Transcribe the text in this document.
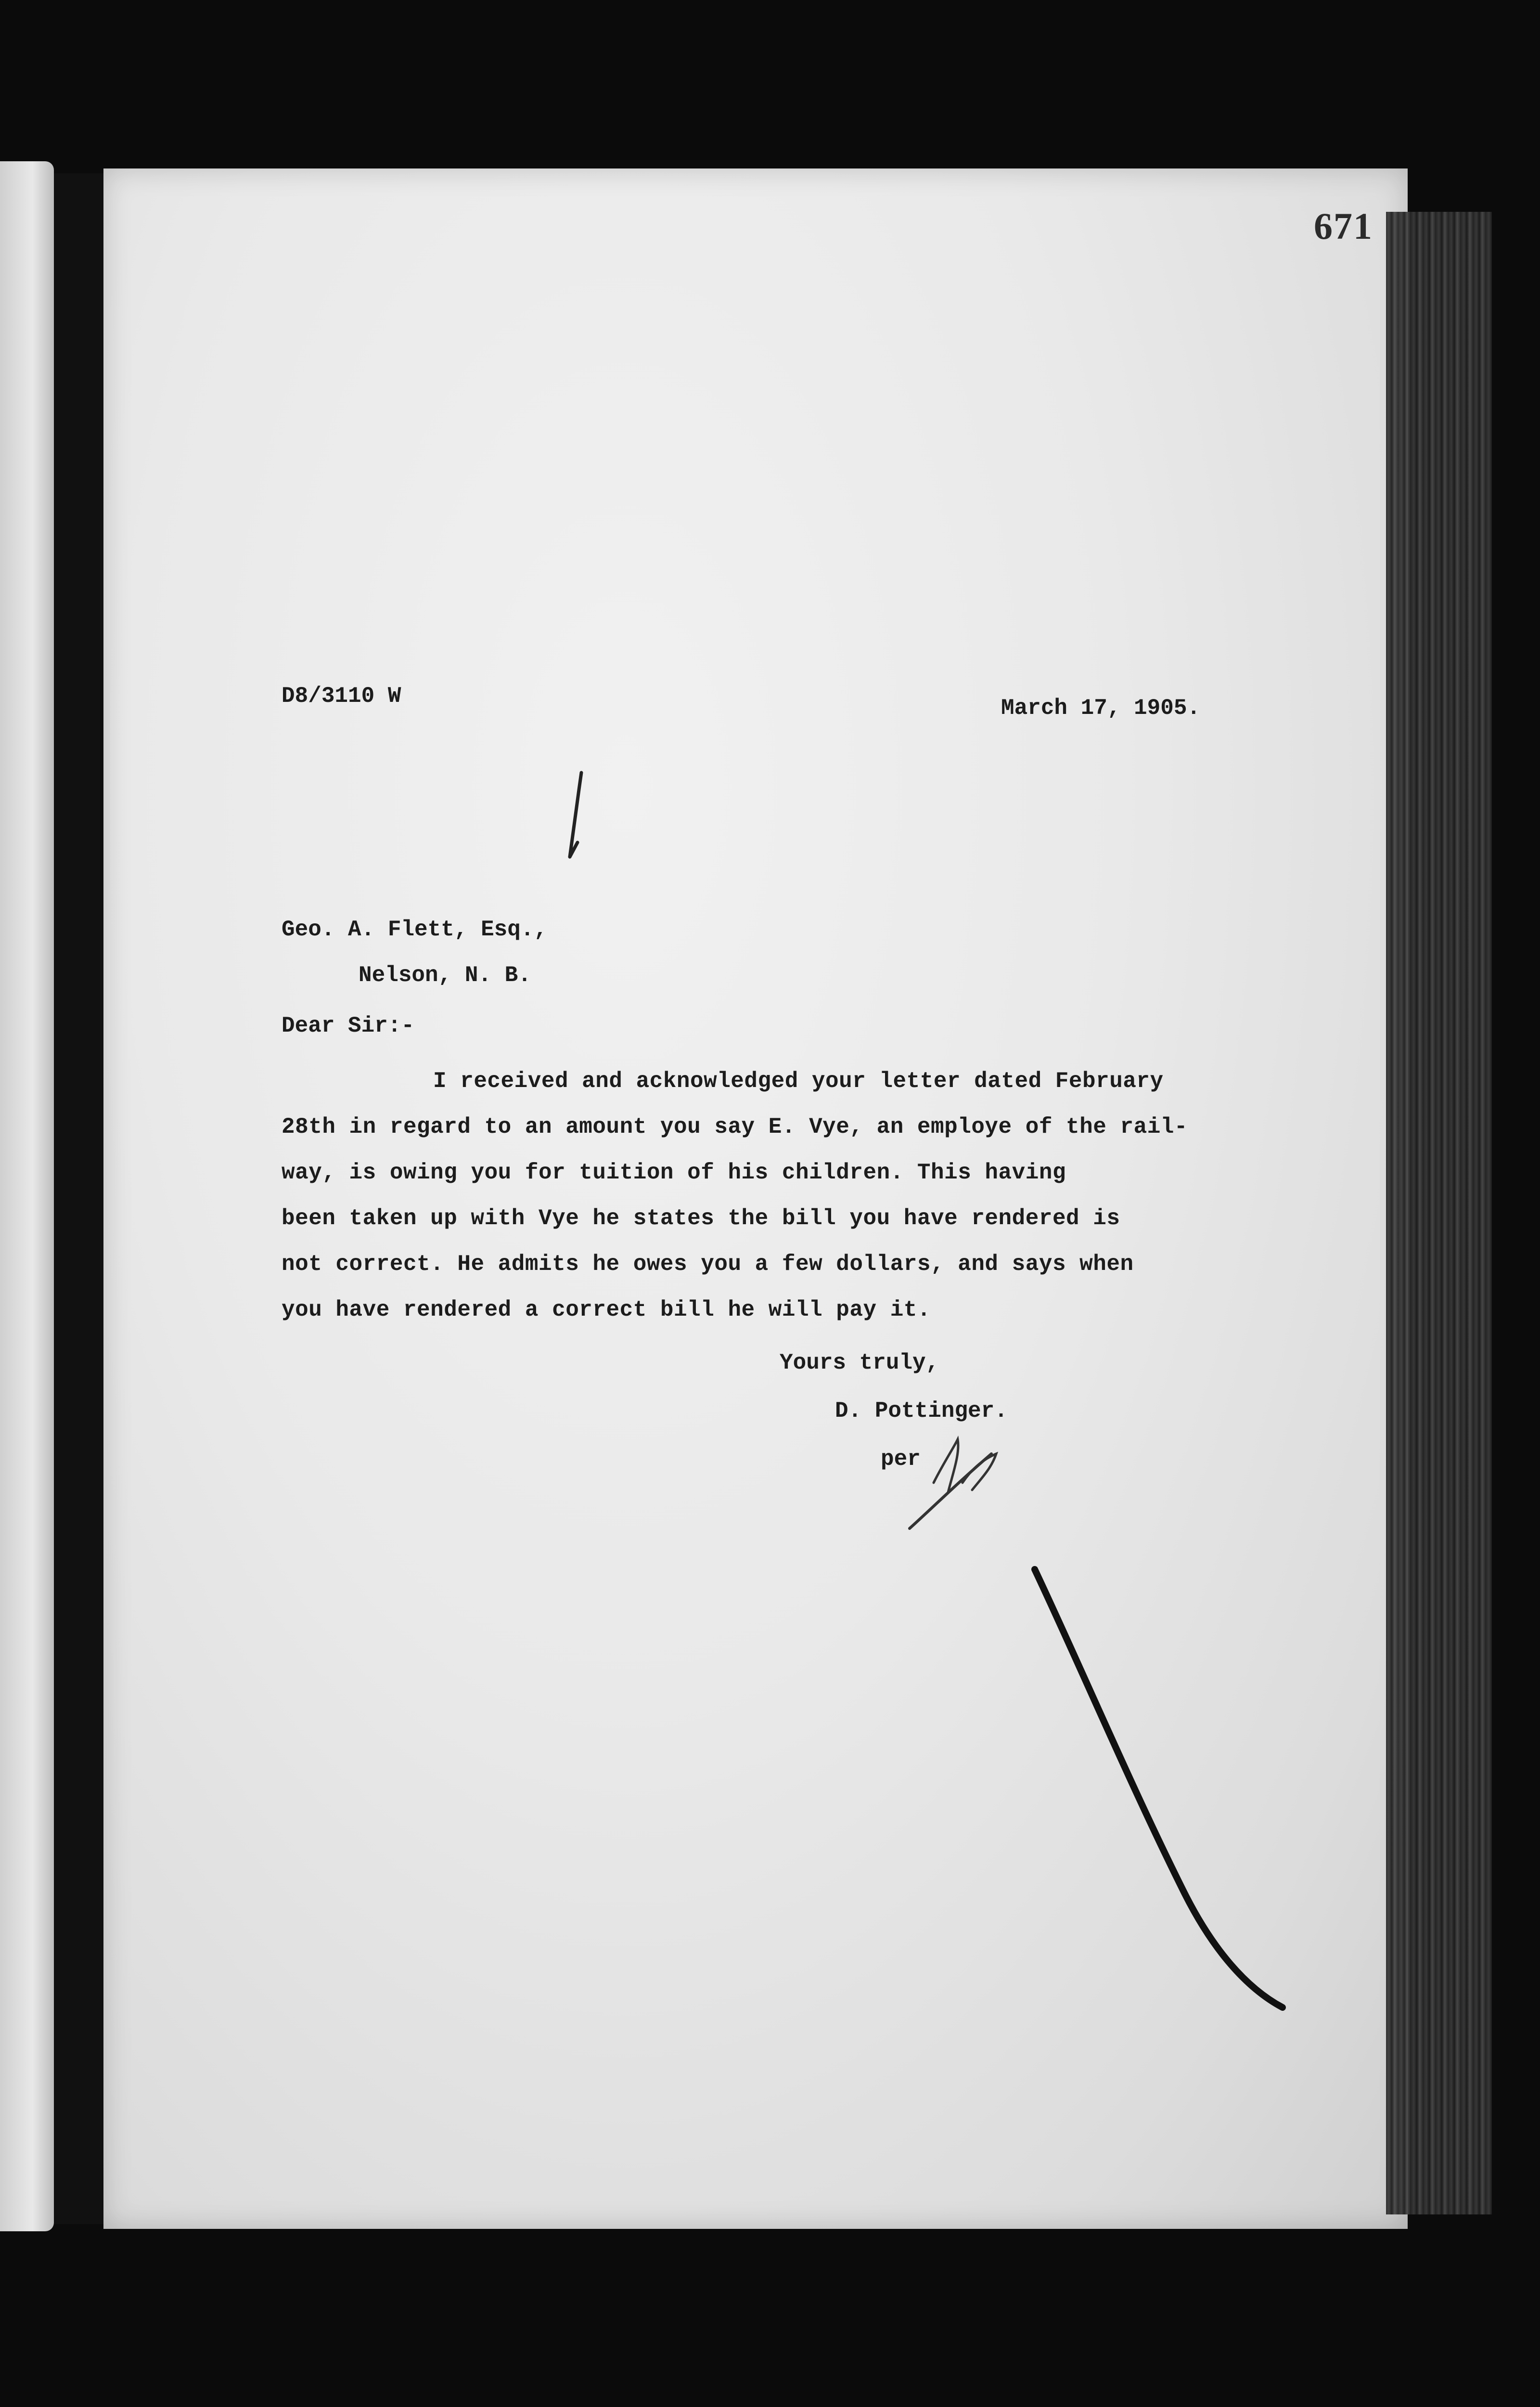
671
D8/3110 W	March 17, 1905.
Geo. A. Flett, Esq.,
Nelson, N. B.
Dear Sir:-
I received and acknowledged your letter dated February
28th in regard to an amount you say E. Vye, an employe of the rail-
way, is owing you for tuition of his children. This having
been taken up with Vye he states the bill you have rendered is
not correct. He admits he owes you a few dollars, and says when
you have rendered a correct bill he will pay it.
Yours truly,
D. Pottinger.
per
